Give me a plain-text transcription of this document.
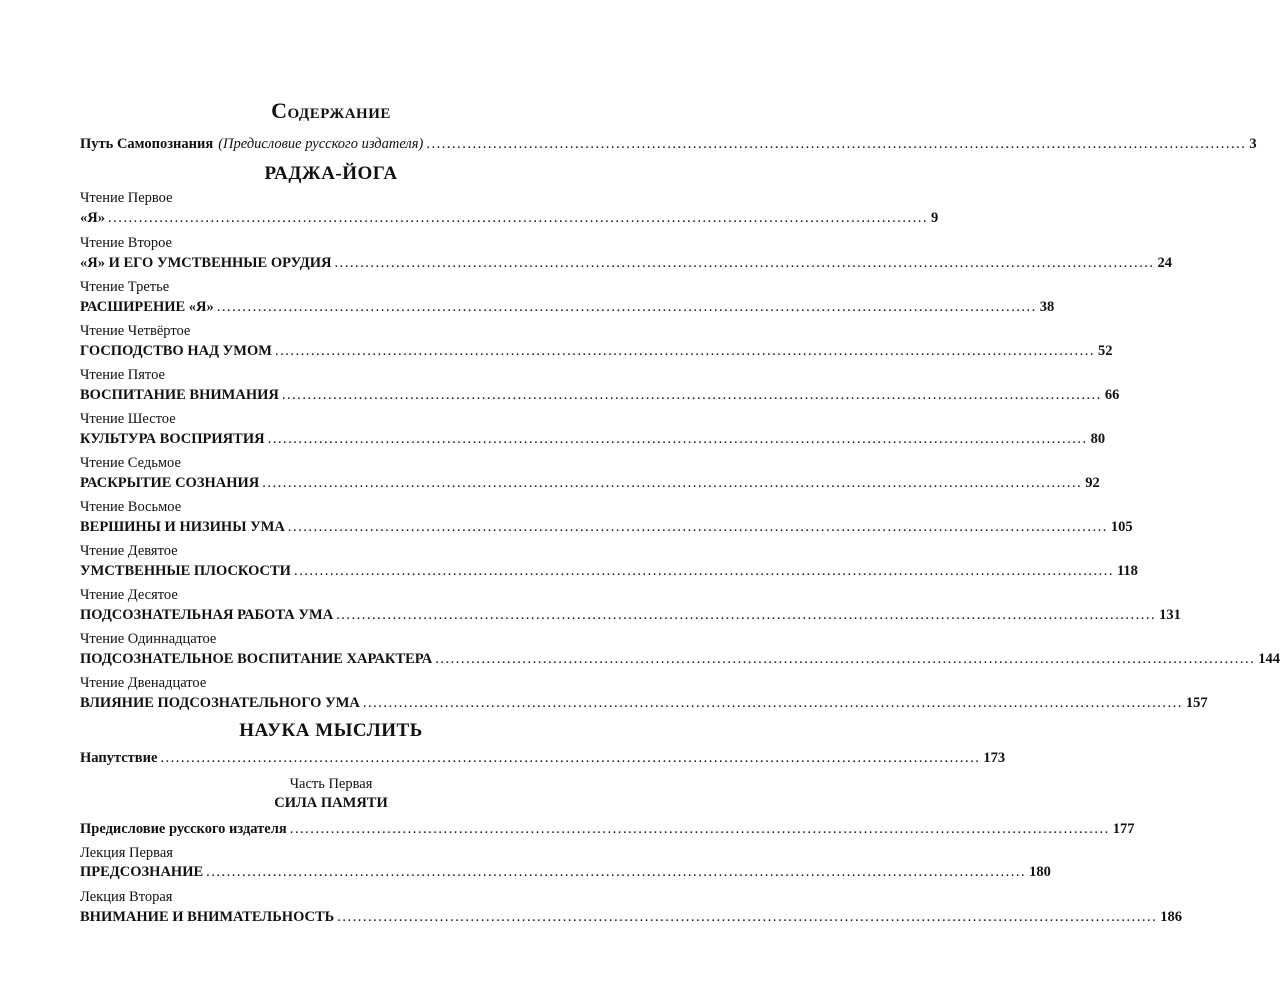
Содержание
Путь Самопознания (Предисловие русского издателя) ................................................................................................................................................................ 3
РАДЖА-ЙОГА
Чтение Первое
«Я» ................................................................................................................................................................ 9
Чтение Второе
«Я» И ЕГО УМСТВЕННЫЕ ОРУДИЯ ................................................................................................................................................................ 24
Чтение Третье
РАСШИРЕНИЕ «Я» ................................................................................................................................................................ 38
Чтение Четвёртое
ГОСПОДСТВО НАД УМОМ ................................................................................................................................................................ 52
Чтение Пятое
ВОСПИТАНИЕ ВНИМАНИЯ ................................................................................................................................................................ 66
Чтение Шестое
КУЛЬТУРА ВОСПРИЯТИЯ ................................................................................................................................................................ 80
Чтение Седьмое
РАСКРЫТИЕ СОЗНАНИЯ ................................................................................................................................................................ 92
Чтение Восьмое
ВЕРШИНЫ И НИЗИНЫ УМА ................................................................................................................................................................ 105
Чтение Девятое
УМСТВЕННЫЕ ПЛОСКОСТИ ................................................................................................................................................................ 118
Чтение Десятое
ПОДСОЗНАТЕЛЬНАЯ РАБОТА УМА ................................................................................................................................................................ 131
Чтение Одиннадцатое
ПОДСОЗНАТЕЛЬНОЕ ВОСПИТАНИЕ ХАРАКТЕРА ................................................................................................................................................................ 144
Чтение Двенадцатое
ВЛИЯНИЕ ПОДСОЗНАТЕЛЬНОГО УМА ................................................................................................................................................................ 157
НАУКА МЫСЛИТЬ
Напутствие ................................................................................................................................................................ 173
Часть Первая
СИЛА ПАМЯТИ
Предисловие русского издателя ................................................................................................................................................................ 177
Лекция Первая
ПРЕДСОЗНАНИЕ ................................................................................................................................................................ 180
Лекция Вторая
ВНИМАНИЕ И ВНИМАТЕЛЬНОСТЬ ................................................................................................................................................................ 186
